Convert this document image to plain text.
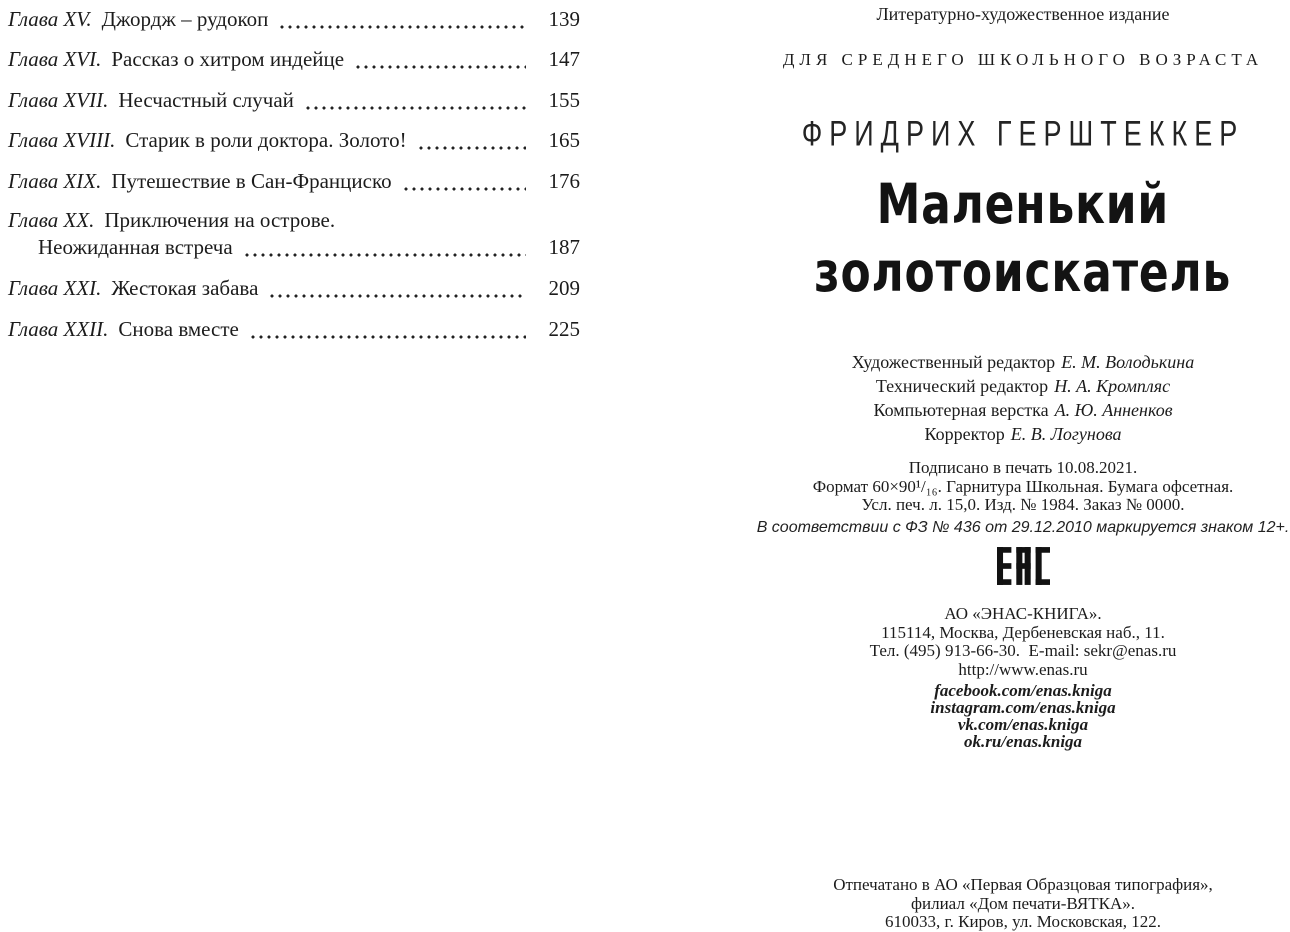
Глава XV. Джордж – рудокоп	139
Глава XVI. Рассказ о хитром индейце	147
Глава XVII. Несчастный случай	155
Глава XVIII. Старик в роли доктора. Золото!	165
Глава XIX. Путешествие в Сан-Франциско	176
Глава XX. Приключения на острове.
Неожиданная встреча	187
Глава XXI. Жестокая забава	209
Глава XXII. Снова вместе	225
Литературно-художественное издание
ДЛЯ СРЕДНЕГО ШКОЛЬНОГО ВОЗРАСТА
ФРИДРИХ ГЕРШТЕККЕР
Маленький
золотоискатель
Художественный редактор Е. М. Володькина
Технический редактор Н. А. Кромпляс
Компьютерная верстка А. Ю. Анненков
Корректор Е. В. Логунова
Подписано в печать 10.08.2021.
Формат 60×90¹/₁₆. Гарнитура Школьная. Бумага офсетная.
Усл. печ. л. 15,0. Изд. № 1984. Заказ № 0000.
В соответствии с ФЗ № 436 от 29.12.2010 маркируется знаком 12+.
АО «ЭНАС-КНИГА».
115114, Москва, Дербеневская наб., 11.
Тел. (495) 913-66-30.  E-mail: sekr@enas.ru
http://www.enas.ru
facebook.com/enas.kniga
instagram.com/enas.kniga
vk.com/enas.kniga
ok.ru/enas.kniga
Отпечатано в АО «Первая Образцовая типография»,
филиал «Дом печати-ВЯТКА».
610033, г. Киров, ул. Московская, 122.
